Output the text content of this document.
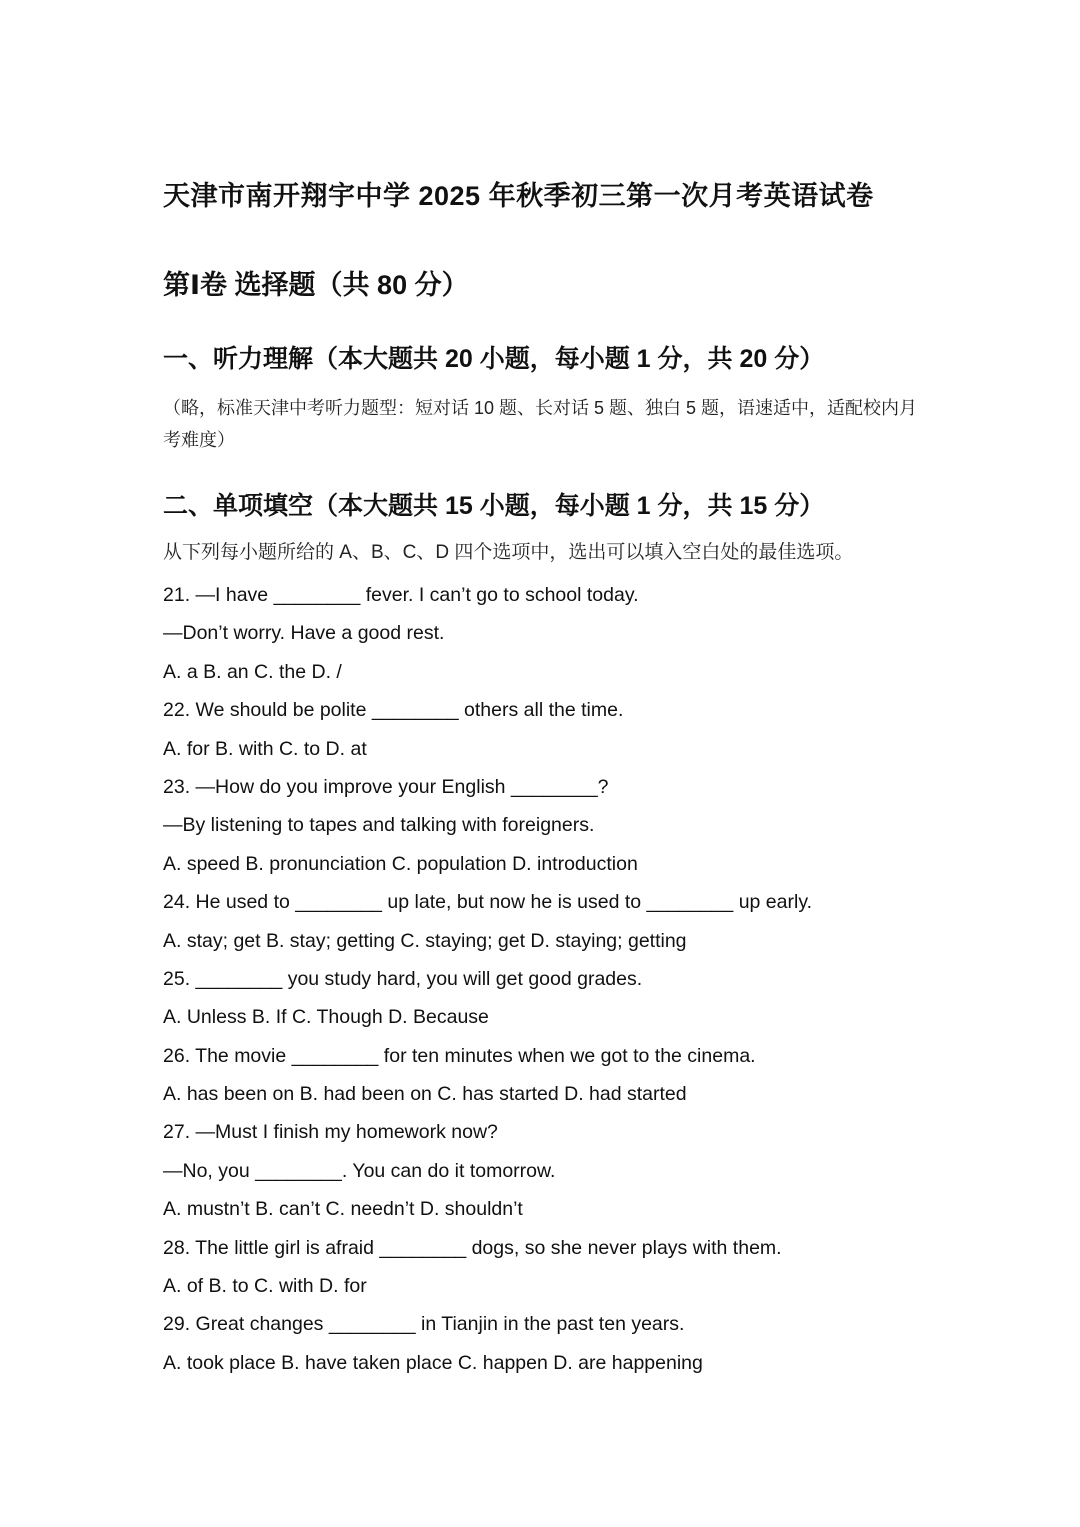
天津市南开翔宇中学 2025 年秋季初三第一次月考英语试卷
第Ⅰ卷 选择题（共 80 分）
一、听力理解（本大题共 20 小题，每小题 1 分，共 20 分）
（略，标准天津中考听力题型：短对话 10 题、长对话 5 题、独白 5 题，语速适中，适配校内月考难度）
二、单项填空（本大题共 15 小题，每小题 1 分，共 15 分）
从下列每小题所给的 A、B、C、D 四个选项中，选出可以填入空白处的最佳选项。
21. —I have ________ fever. I can’t go to school today.
—Don’t worry. Have a good rest.
A. a B. an C. the D. /
22. We should be polite ________ others all the time.
A. for B. with C. to D. at
23. —How do you improve your English ________?
—By listening to tapes and talking with foreigners.
A. speed B. pronunciation C. population D. introduction
24. He used to ________ up late, but now he is used to ________ up early.
A. stay; get B. stay; getting C. staying; get D. staying; getting
25. ________ you study hard, you will get good grades.
A. Unless B. If C. Though D. Because
26. The movie ________ for ten minutes when we got to the cinema.
A. has been on B. had been on C. has started D. had started
27. —Must I finish my homework now?
—No, you ________. You can do it tomorrow.
A. mustn’t B. can’t C. needn’t D. shouldn’t
28. The little girl is afraid ________ dogs, so she never plays with them.
A. of B. to C. with D. for
29. Great changes ________ in Tianjin in the past ten years.
A. took place B. have taken place C. happen D. are happening
